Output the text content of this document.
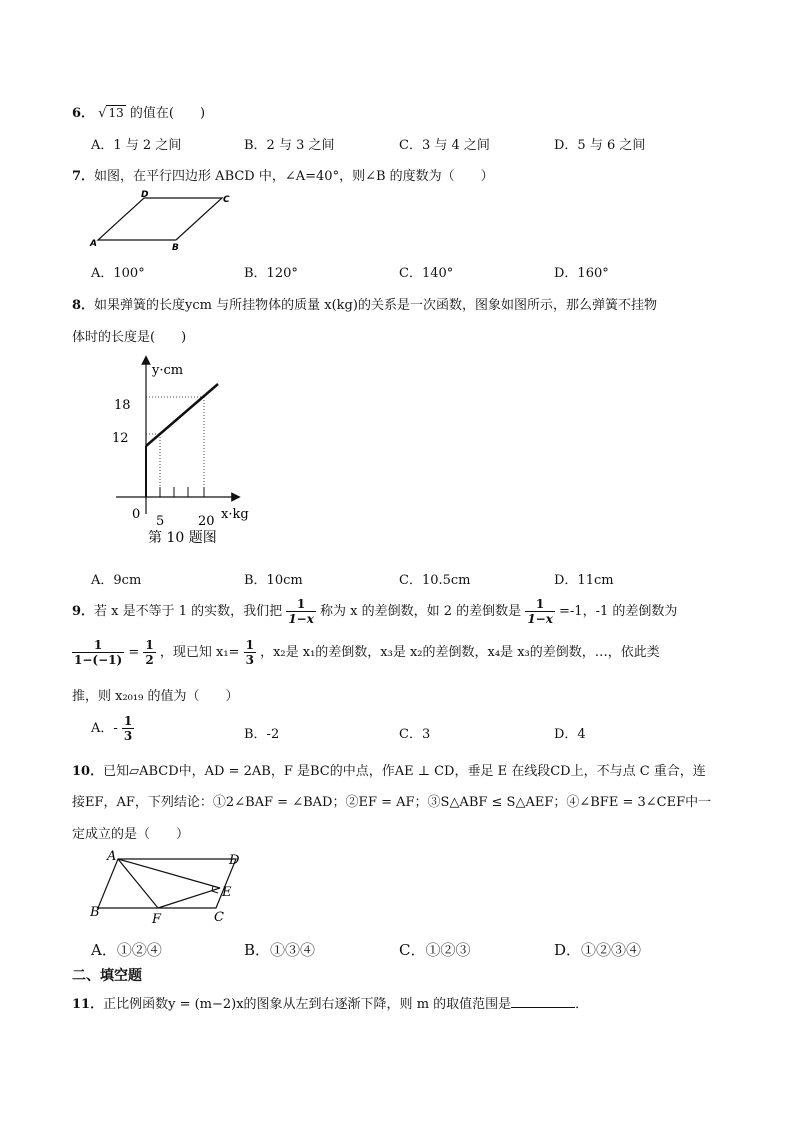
6． √ 13 的值在(　　)
A．1 与 2 之间	B．2 与 3 之间	C．3 与 4 之间	D．5 与 6 之间
7．如图，在平行四边形 ABCD 中，∠A=40°，则∠B 的度数为（　　）
A	B
C
D
A．100°	B．120°	C．140°	D．160°
8．如果弹簧的长度ycm 与所挂物体的质量 x(kg)的关系是一次函数，图象如图所示，那么弹簧不挂物
体时的长度是(　　)
y·cm
18
12
0 5	20 x·kg
第 10 题图
A．9cm	B．10cm	C．10.5cm	D．11cm
9．若 x 是不等于 1 的实数，我们把 $\frac{1}{1-x}$ 称为 x 的差倒数，如 2 的差倒数是 $\frac{1}{1-x} =-1$，-1 的差倒数为
$\frac{1}{1-(-1)} = \frac{1}{2}$ ，现已知 $x_1= \frac{1}{3}$ ，x₂是 x₁的差倒数，x₃是 x₂的差倒数，x₄是 x₃的差倒数，…，依此类
推，则 x₂₀₁₉ 的值为（　　）
A．- $\frac{1}{3}$	B．-2	C．3	D．4
10．已知▱ABCD中，AD = 2AB，F 是BC的中点，作AE ⊥ CD，垂足 E 在线段CD上，不与点 C 重合，连
接EF，AF，下列结论：①2∠BAF = ∠BAD；②EF = AF；③S△ABF ≤ S△AEF；④∠BFE = 3∠CEF中一
定成立的是（　　）
A	D
E
C
B	F
A．①②④	B．①③④	C．①②③	D．①②③④
二、填空题
11．正比例函数y = (m−2)x的图象从左到右逐渐下降，则 m 的取值范围是	．
